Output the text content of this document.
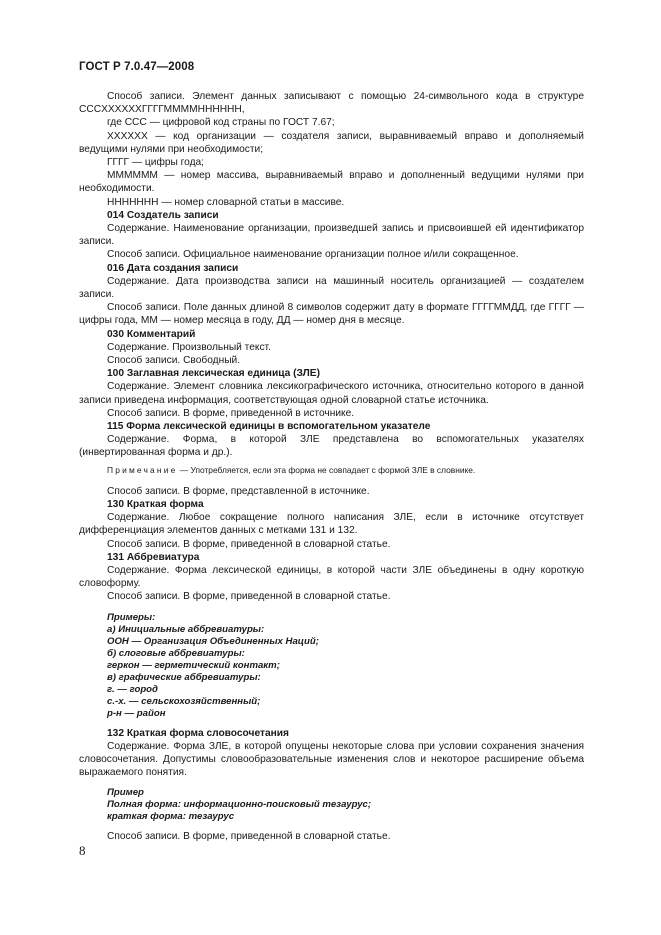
ГОСТ Р 7.0.47—2008

Способ записи. Элемент данных записывают с помощью 24-символьного кода в структуре ССCXXXXXXГГГГММММНННННН,

где ССС — цифровой код страны по ГОСТ 7.67;

ХХХХХХ — код организации — создателя записи, выравниваемый вправо и дополняемый ведущими нулями при необходимости;

ГГГГ — цифры года;

ММММММ — номер массива, выравниваемый вправо и дополненный ведущими нулями при необходимости.

ННННННН — номер словарной статьи в массиве.

014 Создатель записи

Содержание. Наименование организации, произведшей запись и присвоившей ей идентификатор записи.

Способ записи. Официальное наименование организации полное и/или сокращенное.

016 Дата создания записи

Содержание. Дата производства записи на машинный носитель организацией — создателем записи.

Способ записи. Поле данных длиной 8 символов содержит дату в формате ГГГГММДД, где ГГГГ — цифры года, ММ — номер месяца в году, ДД — номер дня в месяце.

030 Комментарий

Содержание. Произвольный текст.

Способ записи. Свободный.

100 Заглавная лексическая единица (ЗЛЕ)

Содержание. Элемент словника лексикографического источника, относительно которого в данной записи приведена информация, соответствующая одной словарной статье источника.

Способ записи. В форме, приведенной в источнике.

115 Форма лексической единицы в вспомогательном указателе

Содержание. Форма, в которой ЗЛЕ представлена во вспомогательных указателях (инвертированная форма и др.).

Примечание — Употребляется, если эта форма не совпадает с формой ЗЛЕ в словнике.

Способ записи. В форме, представленной в источнике.

130 Краткая форма

Содержание. Любое сокращение полного написания ЗЛЕ, если в источнике отсутствует дифференциация элементов данных с метками 131 и 132.

Способ записи. В форме, приведенной в словарной статье.

131 Аббревиатура

Содержание. Форма лексической единицы, в которой части ЗЛЕ объединены в одну короткую словоформу.

Способ записи. В форме, приведенной в словарной статье.

Примеры:

а) Инициальные аббревиатуры:

ООН — Организация Объединенных Наций;

б) слоговые аббревиатуры:

геркон — герметический контакт;

в) графические аббревиатуры:

г. — город

с.-х. — сельскохозяйственный;

р-н — район

132 Краткая форма словосочетания

Содержание. Форма ЗЛЕ, в которой опущены некоторые слова при условии сохранения значения словосочетания. Допустимы словообразовательные изменения слов и некоторое расширение объема выражаемого понятия.

Пример

Полная форма: информационно-поисковый тезаурус;

краткая форма: тезаурус

Способ записи. В форме, приведенной в словарной статье.

8
